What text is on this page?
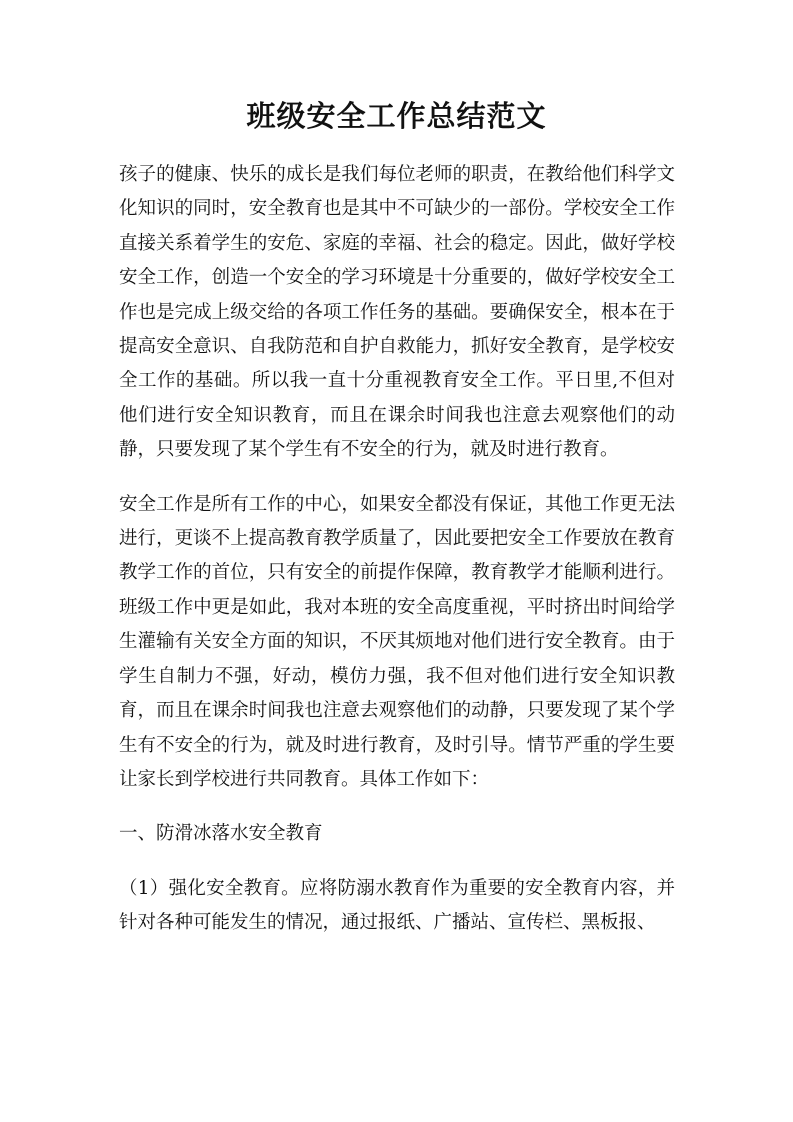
班级安全工作总结范文

孩子的健康、快乐的成长是我们每位老师的职责，在教给他们科学文化知识的同时，安全教育也是其中不可缺少的一部份。学校安全工作直接关系着学生的安危、家庭的幸福、社会的稳定。因此，做好学校安全工作，创造一个安全的学习环境是十分重要的，做好学校安全工作也是完成上级交给的各项工作任务的基础。要确保安全，根本在于提高安全意识、自我防范和自护自救能力，抓好安全教育，是学校安全工作的基础。所以我一直十分重视教育安全工作。平日里,不但对他们进行安全知识教育，而且在课余时间我也注意去观察他们的动静，只要发现了某个学生有不安全的行为，就及时进行教育。

安全工作是所有工作的中心，如果安全都没有保证，其他工作更无法进行，更谈不上提高教育教学质量了，因此要把安全工作要放在教育教学工作的首位，只有安全的前提作保障，教育教学才能顺利进行。班级工作中更是如此，我对本班的安全高度重视，平时挤出时间给学生灌输有关安全方面的知识，不厌其烦地对他们进行安全教育。由于学生自制力不强，好动，模仿力强，我不但对他们进行安全知识教育，而且在课余时间我也注意去观察他们的动静，只要发现了某个学生有不安全的行为，就及时进行教育，及时引导。情节严重的学生要让家长到学校进行共同教育。具体工作如下：

一、防滑冰落水安全教育

（1）强化安全教育。应将防溺水教育作为重要的安全教育内容，并针对各种可能发生的情况，通过报纸、广播站、宣传栏、黑板报、
